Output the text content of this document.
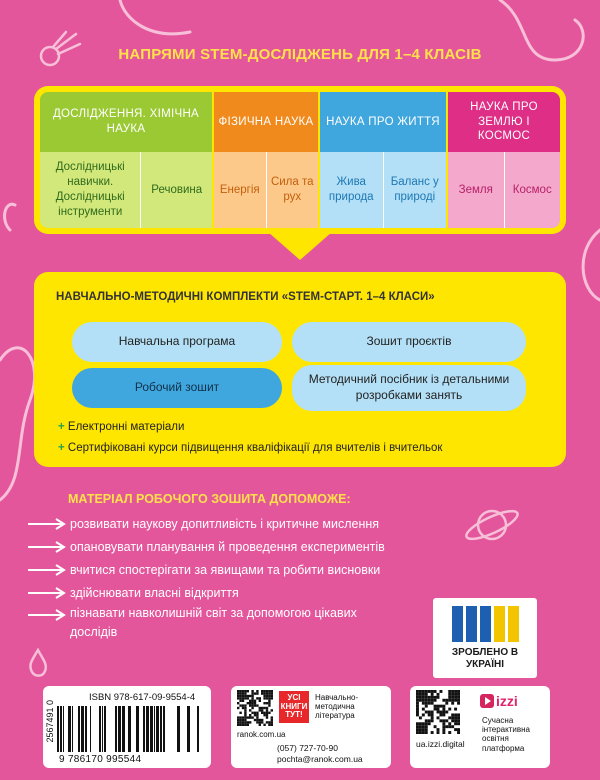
НАПРЯМИ STEM-ДОСЛІДЖЕНЬ ДЛЯ 1–4 КЛАСІВ
ДОСЛІДЖЕННЯ. ХІМІЧНА НАУКА
Дослідницькі навички. Дослідницькі інструменти
Речовина
ФІЗИЧНА НАУКА
Енергія
Сила та рух
НАУКА ПРО ЖИТТЯ
Жива природа
Баланс у природі
НАУКА ПРО ЗЕМЛЮ І КОСМОС
Земля	Космос
НАВЧАЛЬНО-МЕТОДИЧНІ КОМПЛЕКТИ «STEM-СТАРТ. 1–4 КЛАСИ»
Навчальна програма	Зошит проєктів
Робочий зошит
Методичний посібник із детальними розробками занять
+ Електронні матеріали
+ Сертифіковані курси підвищення кваліфікації для вчителів і вчительок
МАТЕРІАЛ РОБОЧОГО ЗОШИТА ДОПОМОЖЕ:
розвивати наукову допитливість і критичне мислення
опановувати планування й проведення експериментів
вчитися спостерігати за явищами та робити висновки
здійснювати власні відкриття
пізнавати навколишній світ за допомогою цікавих дослідів
ЗРОБЛЕНО В УКРАЇНІ
ISBN 978-617-09-9554-4
2567491 0
9 786170 995544
УСІ КНИГИ ТУТ!
Навчально-методична література
ranok.com.ua
(057) 727-70-90
pochta@ranok.com.ua
izzi
Сучасна інтерактивна освітня платформа
ua.izzi.digital
